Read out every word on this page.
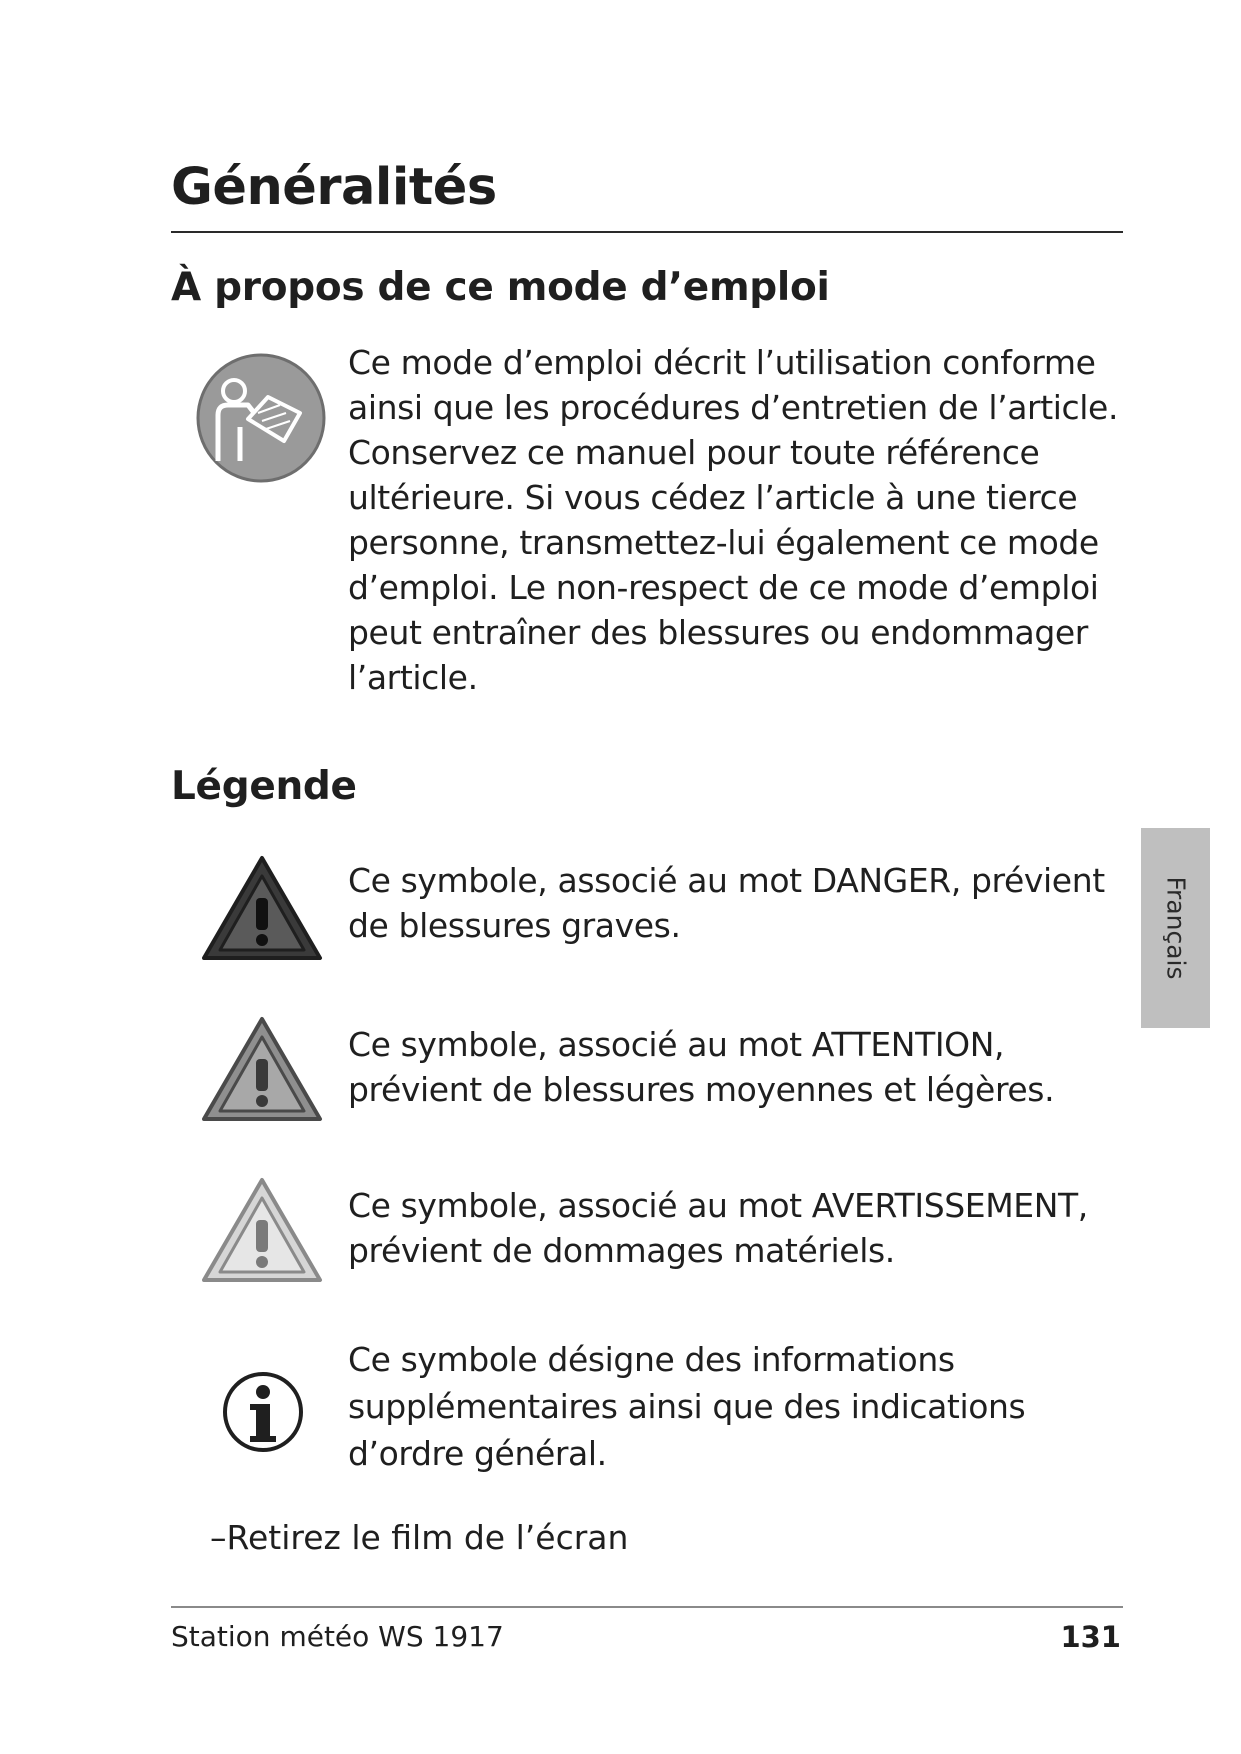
Généralités
À propos de ce mode d’emploi

Ce mode d’emploi décrit l’utilisation conforme
ainsi que les procédures d’entretien de l’article.
Conservez ce manuel pour toute référence
ultérieure. Si vous cédez l’article à une tierce
personne, transmettez-lui également ce mode
d’emploi. Le non-respect de ce mode d’emploi
peut entraîner des blessures ou endommager
l’article.

Légende

Ce symbole, associé au mot DANGER, prévient
de blessures graves.

Ce symbole, associé au mot ATTENTION,
prévient de blessures moyennes et légères.

Ce symbole, associé au mot AVERTISSEMENT,
prévient de dommages matériels.

Ce symbole désigne des informations
supplémentaires ainsi que des indications
d’ordre général.

–Retirez le film de l’écran

Français
Station météo WS 1917	131
